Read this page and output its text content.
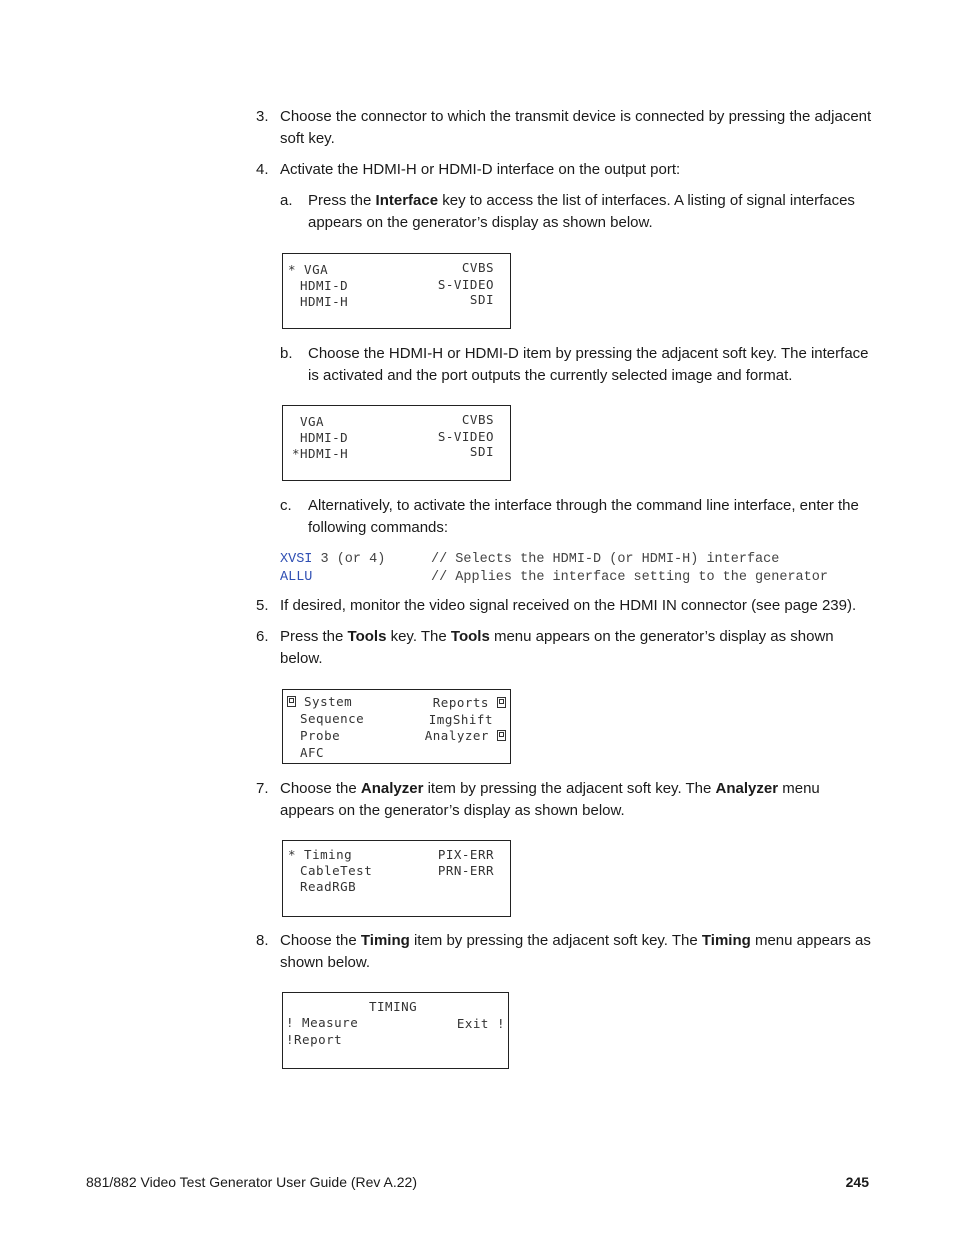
3. Choose the connector to which the transmit device is connected by pressing the adjacent soft key.
4. Activate the HDMI-H or HDMI-D interface on the output port:
a. Press the Interface key to access the list of interfaces. A listing of signal interfaces appears on the generator’s display as shown below.
* VGA
HDMI-D
HDMI-H
CVBS
S-VIDEO
SDI
b. Choose the HDMI-H or HDMI-D item by pressing the adjacent soft key. The interface is activated and the port outputs the currently selected image and format.
VGA
HDMI-D
*HDMI-H
CVBS
S-VIDEO
SDI
c. Alternatively, to activate the interface through the command line interface, enter the following commands:
XVSI 3 (or 4)	// Selects the HDMI-D (or HDMI-H) interface
ALLU	// Applies the interface setting to the generator
5. If desired, monitor the video signal received on the HDMI IN connector (see page 239).
6. Press the Tools key. The Tools menu appears on the generator’s display as shown below.
System
Sequence
Probe
AFC
Reports
ImgShift
Analyzer
7. Choose the Analyzer item by pressing the adjacent soft key. The Analyzer menu appears on the generator’s display as shown below.
* Timing
CableTest
ReadRGB
PIX-ERR
PRN-ERR
8. Choose the Timing item by pressing the adjacent soft key. The Timing menu appears as shown below.
TIMING
! Measure
!Report
Exit !
881/882 Video Test Generator User Guide (Rev A.22)	245
